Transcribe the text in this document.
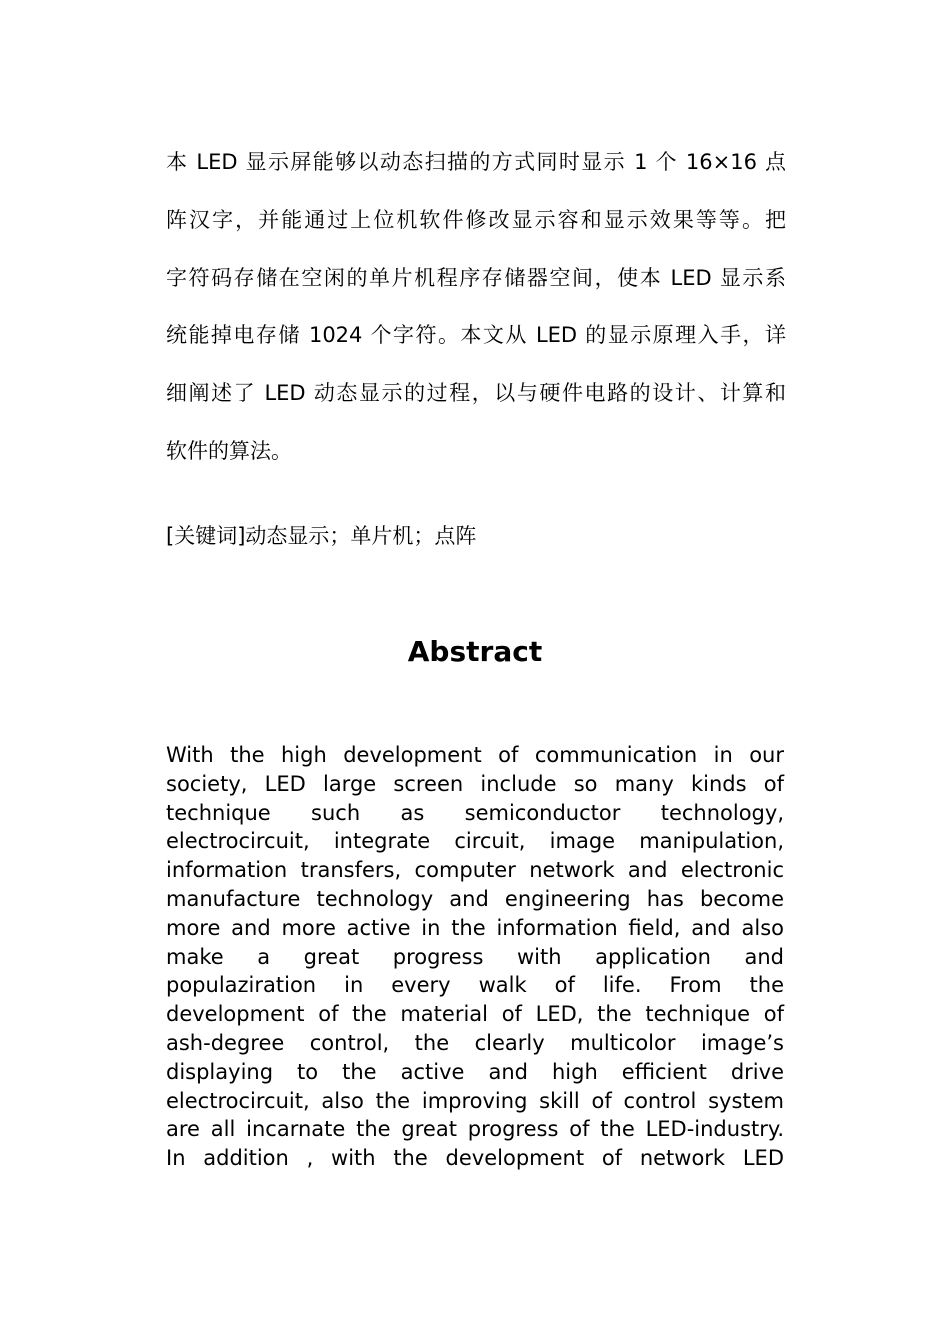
本 LED 显示屏能够以动态扫描的方式同时显示 1 个 16×16 点
阵汉字，并能通过上位机软件修改显示容和显示效果等等。把
字符码存储在空闲的单片机程序存储器空间，使本 LED 显示系
统能掉电存储 1024 个字符。本文从 LED 的显示原理入手，详
细阐述了 LED 动态显示的过程，以与硬件电路的设计、计算和
软件的算法。
[关键词]动态显示；单片机；点阵
Abstract
With the high development of communication in our
society, LED large screen include so many kinds of
technique such as semiconductor technology,
electrocircuit, integrate circuit, image manipulation,
information transfers, computer network and electronic
manufacture technology and engineering has become
more and more active in the information field, and also
make a great progress with application and
populaziration in every walk of life. From the
development of the material of LED, the technique of
ash-degree control, the clearly multicolor image’s
displaying to the active and high efficient drive
electrocircuit, also the improving skill of control system
are all incarnate the great progress of the LED-industry.
In addition , with the development of network LED
